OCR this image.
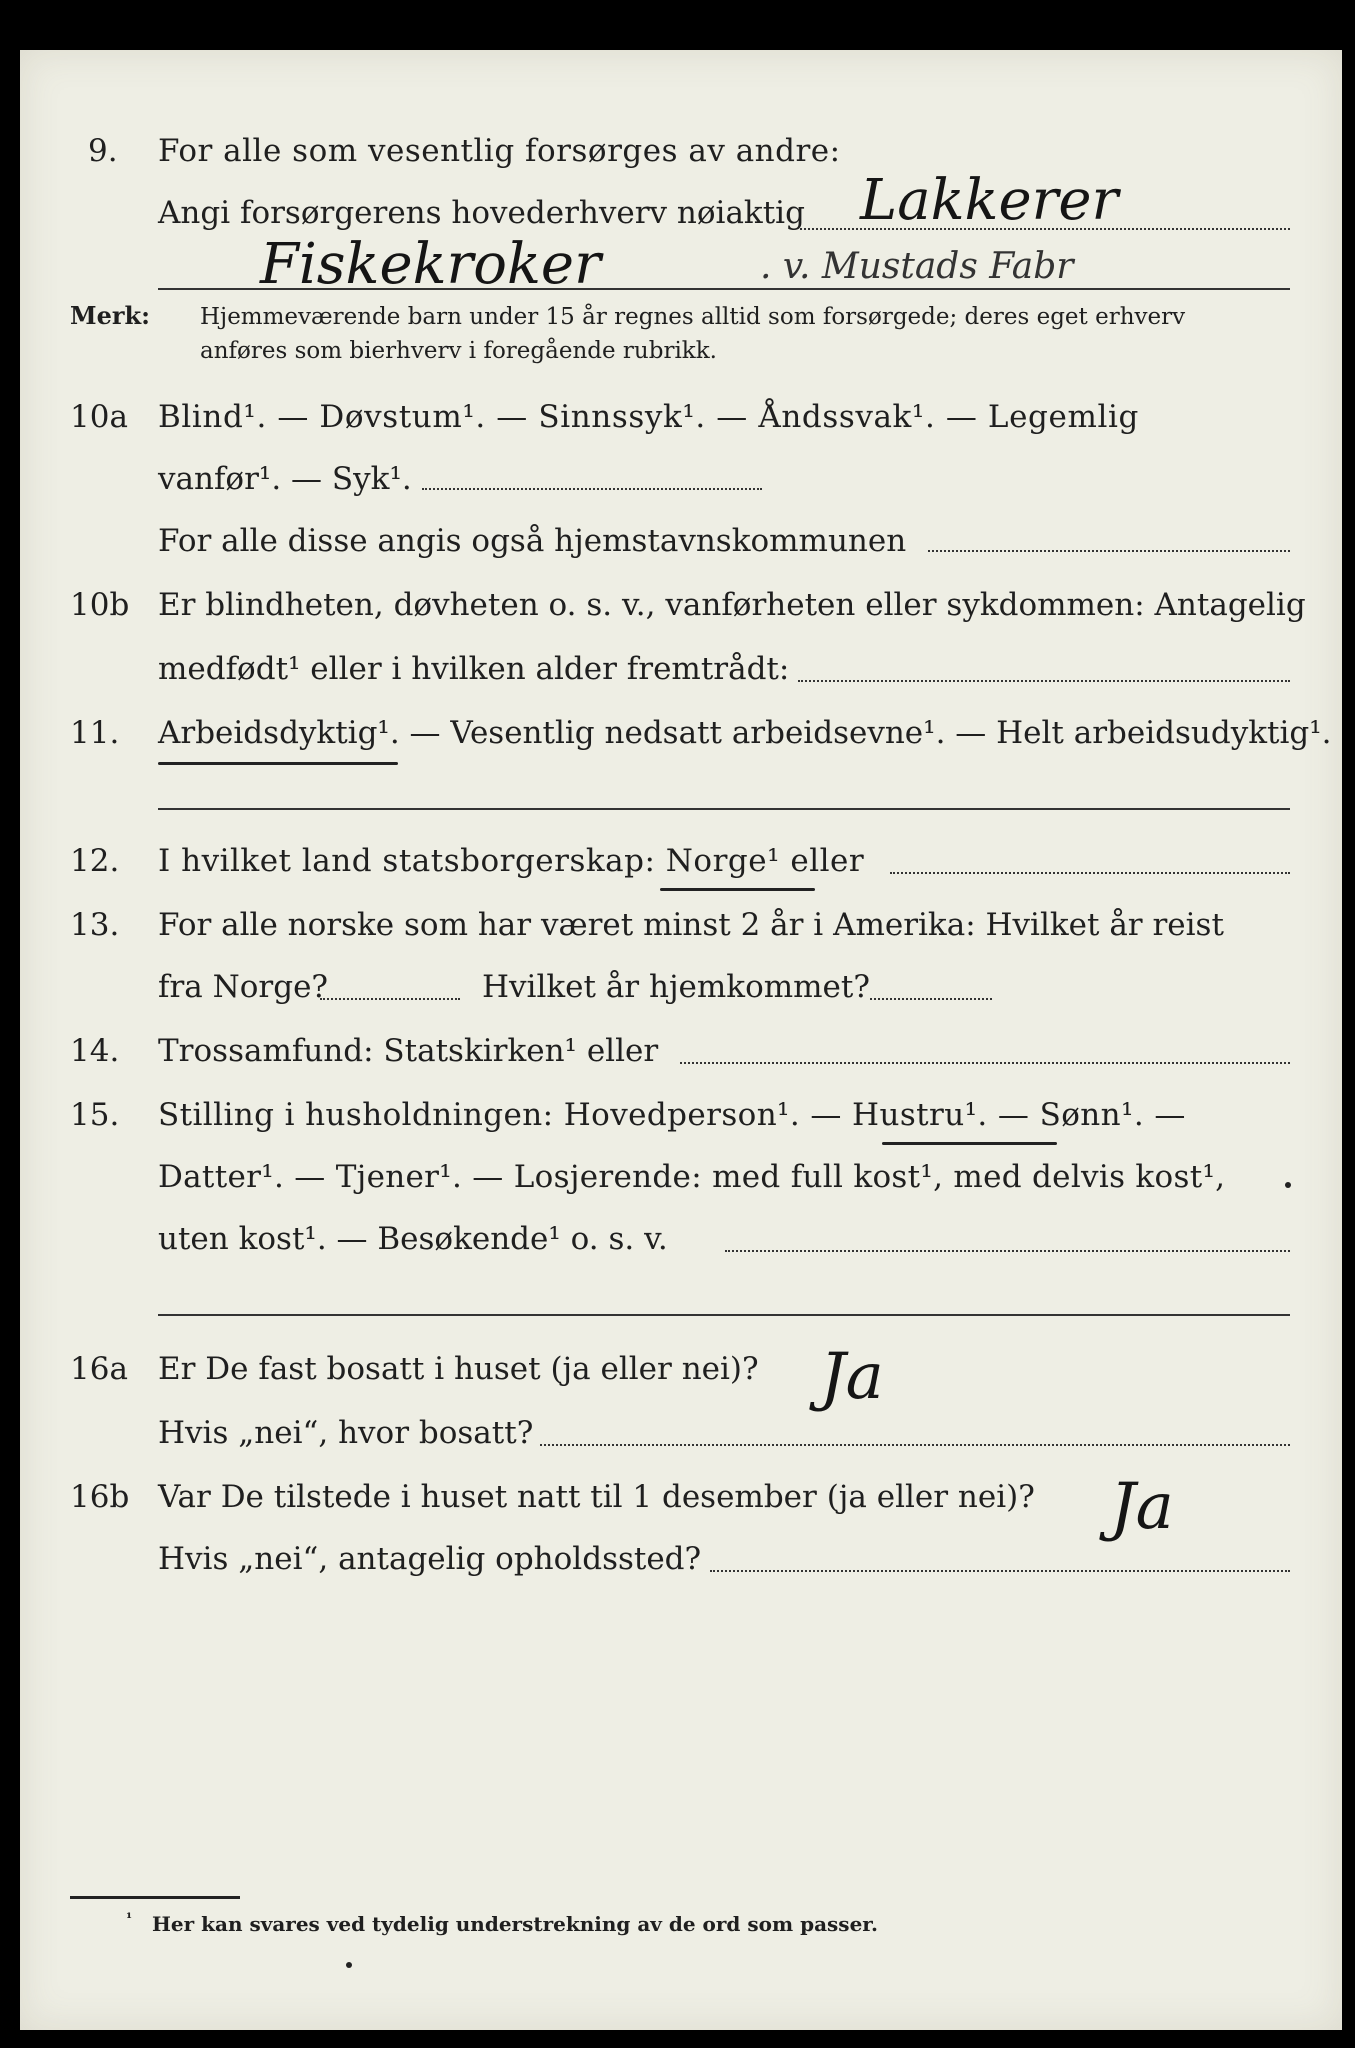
9. For alle som vesentlig forsørges av andre:
Angi forsørgerens hovederhverv nøiaktig Lakkerer
Fiskekroker	. v. Mustads Fabr
Merk: Hjemmeværende barn under 15 år regnes alltid som forsørgede; deres eget erhverv
anføres som bierhverv i foregående rubrikk.
10a Blind¹. — Døvstum¹. — Sinnssyk¹. — Åndssvak¹. — Legemlig
vanfør¹. — Syk¹.
For alle disse angis også hjemstavnskommunen
10b Er blindheten, døvheten o. s. v., vanførheten eller sykdommen: Antagelig
medfødt¹ eller i hvilken alder fremtrådt:
11. Arbeidsdyktig¹. — Vesentlig nedsatt arbeidsevne¹. — Helt arbeidsudyktig¹.
12. I hvilket land statsborgerskap: Norge¹ eller
13. For alle norske som har været minst 2 år i Amerika: Hvilket år reist
fra Norge?	Hvilket år hjemkommet?
14. Trossamfund: Statskirken¹ eller
15. Stilling i husholdningen: Hovedperson¹. — Hustru¹. — Sønn¹. —
Datter¹. — Tjener¹. — Losjerende: med full kost¹, med delvis kost¹,
uten kost¹. — Besøkende¹ o. s. v.
16a Er De fast bosatt i huset (ja eller nei)? Ja
Hvis „nei“, hvor bosatt?
16b Var De tilstede i huset natt til 1 desember (ja eller nei)? Ja
Hvis „nei“, antagelig opholdssted?
¹ Her kan svares ved tydelig understrekning av de ord som passer.
